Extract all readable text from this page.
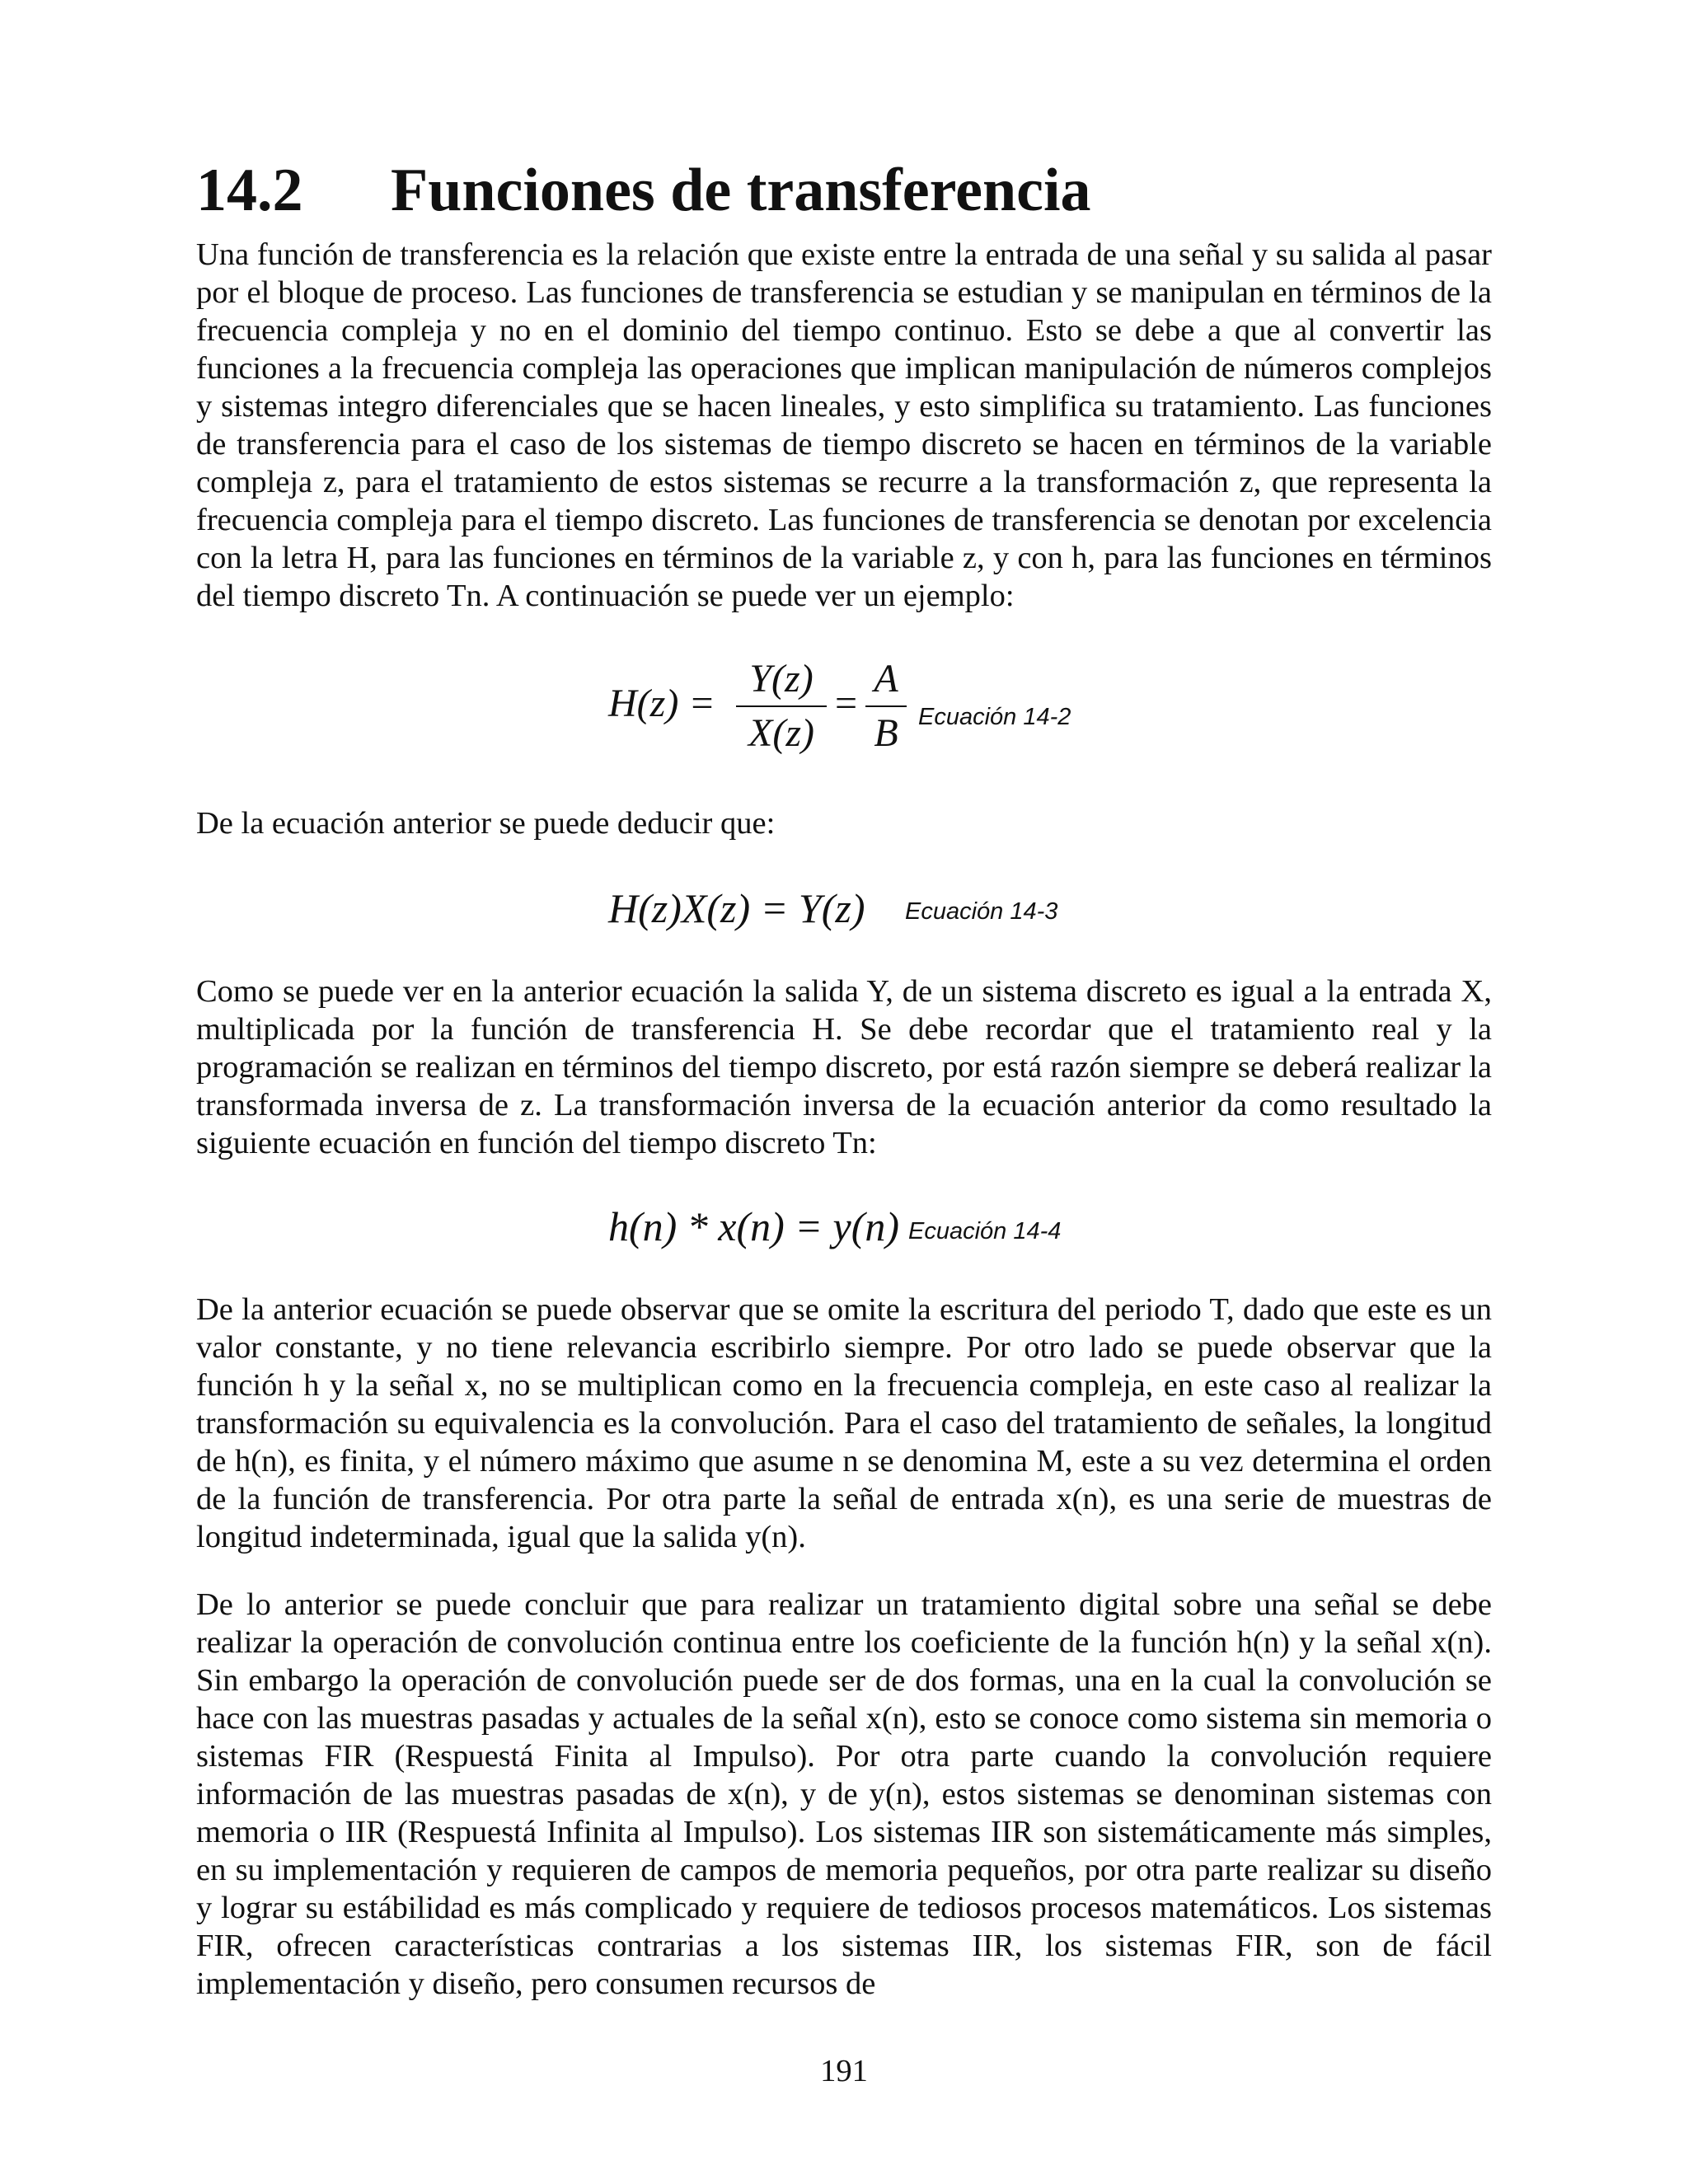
14.2 Funciones de transferencia

Una función de transferencia es la relación que existe entre la entrada de una señal y su salida al pasar por el bloque de proceso. Las funciones de transferencia se estudian y se manipulan en términos de la frecuencia compleja y no en el dominio del tiempo continuo. Esto se debe a que al convertir las funciones a la frecuencia compleja las operaciones que implican manipulación de números complejos y sistemas integro diferenciales que se hacen lineales, y esto simplifica su tratamiento. Las funciones de transferencia para el caso de los sistemas de tiempo discreto se hacen en términos de la variable compleja z, para el tratamiento de estos sistemas se recurre a la transformación z, que representa la frecuencia compleja para el tiempo discreto. Las funciones de transferencia se denotan por excelencia con la letra H, para las funciones en términos de la variable z, y con h, para las funciones en términos del tiempo discreto Tn. A continuación se puede ver un ejemplo:

H(z) =
Y(z)
X(z)
=
A
B Ecuación 14-2

De la ecuación anterior se puede deducir que:

H(z)X(z) = Y(z) Ecuación 14-3

Como se puede ver en la anterior ecuación la salida Y, de un sistema discreto es igual a la entrada X, multiplicada por la función de transferencia H. Se debe recordar que el tratamiento real y la programación se realizan en términos del tiempo discreto, por está razón siempre se deberá realizar la transformada inversa de z. La transformación inversa de la ecuación anterior da como resultado la siguiente ecuación en función del tiempo discreto Tn:

h(n) * x(n) = y(n) Ecuación 14-4

De la anterior ecuación se puede observar que se omite la escritura del periodo T, dado que este es un valor constante, y no tiene relevancia escribirlo siempre. Por otro lado se puede observar que la función h y la señal x, no se multiplican como en la frecuencia compleja, en este caso al realizar la transformación su equivalencia es la convolución. Para el caso del tratamiento de señales, la longitud de h(n), es finita, y el número máximo que asume n se denomina M, este a su vez determina el orden de la función de transferencia. Por otra parte la señal de entrada x(n), es una serie de muestras de longitud indeterminada, igual que la salida y(n).

De lo anterior se puede concluir que para realizar un tratamiento digital sobre una señal se debe realizar la operación de convolución continua entre los coeficiente de la función h(n) y la señal x(n). Sin embargo la operación de convolución puede ser de dos formas, una en la cual la convolución se hace con las muestras pasadas y actuales de la señal x(n), esto se conoce como sistema sin memoria o sistemas FIR (Respuestá Finita al Impulso). Por otra parte cuando la convolución requiere información de las muestras pasadas de x(n), y de y(n), estos sistemas se denominan sistemas con memoria o IIR (Respuestá Infinita al Impulso). Los sistemas IIR son sistemáticamente más simples, en su implementación y requieren de campos de memoria pequeños, por otra parte realizar su diseño y lograr su estábilidad es más complicado y requiere de tediosos procesos matemáticos. Los sistemas FIR, ofrecen características contrarias a los sistemas IIR, los sistemas FIR, son de fácil implementación y diseño, pero consumen recursos de

191
